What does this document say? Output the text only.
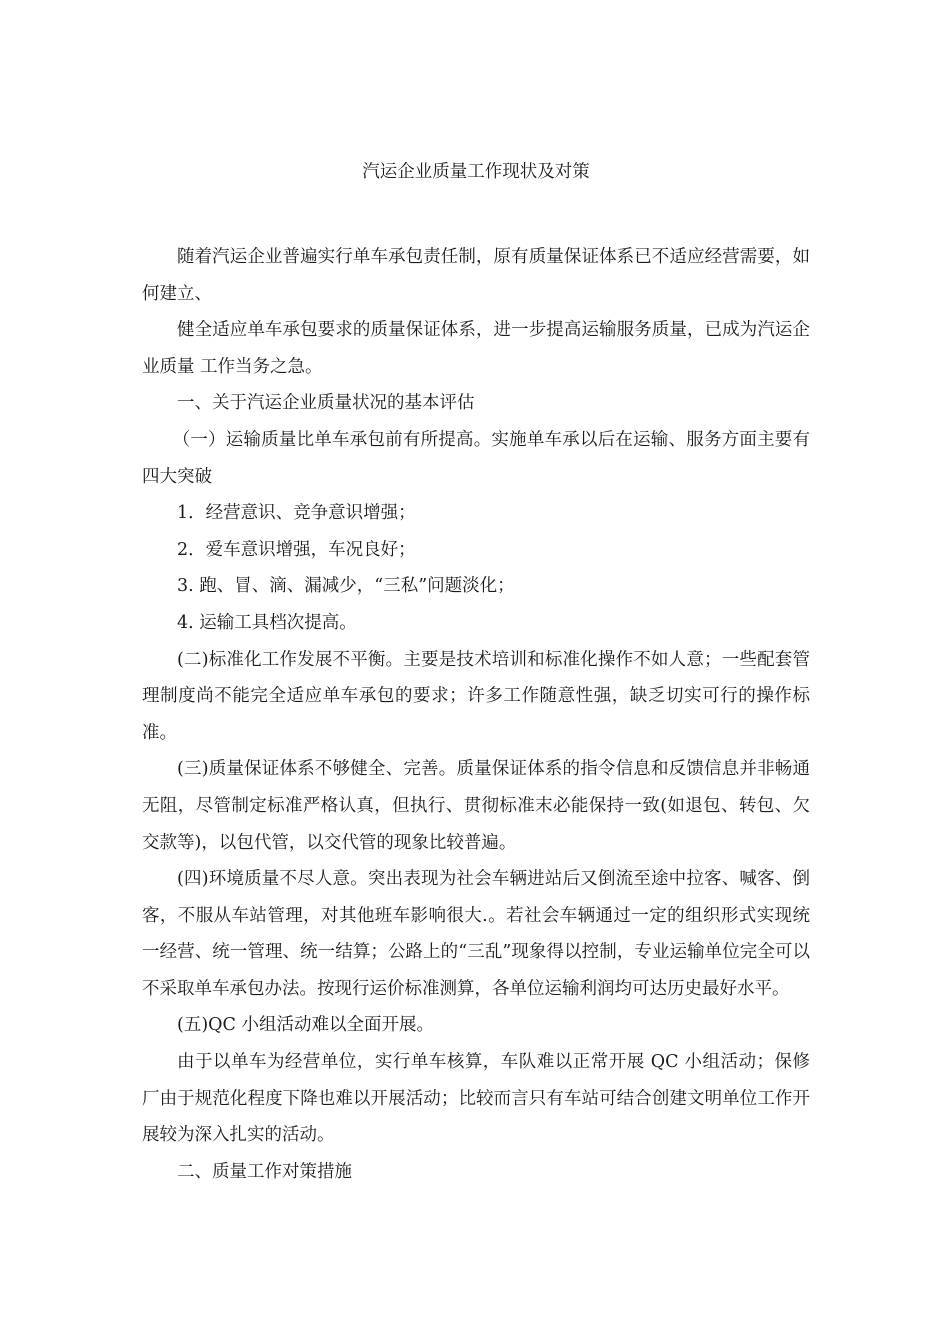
汽运企业质量工作现状及对策

随着汽运企业普遍实行单车承包责任制，原有质量保证体系已不适应经营需要，如何建立、

健全适应单车承包要求的质量保证体系，进一步提高运输服务质量，已成为汽运企业质量 工作当务之急。

一、关于汽运企业质量状况的基本评估

（一）运输质量比单车承包前有所提高。实施单车承以后在运输、服务方面主要有四大突破

1．经营意识、竞争意识增强；

2．爱车意识增强，车况良好；

3. 跑、冒、滴、漏减少，“三私”问题淡化；

4. 运输工具档次提高。

(二)标准化工作发展不平衡。主要是技术培训和标准化操作不如人意；一些配套管理制度尚不能完全适应单车承包的要求；许多工作随意性强，缺乏切实可行的操作标准。

(三)质量保证体系不够健全、完善。质量保证体系的指令信息和反馈信息并非畅通无阻，尽管制定标准严格认真，但执行、贯彻标准末必能保持一致(如退包、转包、欠交款等)，以包代管，以交代管的现象比较普遍。

(四)环境质量不尽人意。突出表现为社会车辆进站后又倒流至途中拉客、喊客、倒客，不服从车站管理，对其他班车影响很大.。若社会车辆通过一定的组织形式实现统一经营、统一管理、统一结算；公路上的“三乱”现象得以控制，专业运输单位完全可以不采取单车承包办法。按现行运价标准测算，各单位运输利润均可达历史最好水平。

(五)QC 小组活动难以全面开展。

由于以单车为经营单位，实行单车核算，车队难以正常开展 QC 小组活动；保修厂由于规范化程度下降也难以开展活动；比较而言只有车站可结合创建文明单位工作开展较为深入扎实的活动。

二、质量工作对策措施
